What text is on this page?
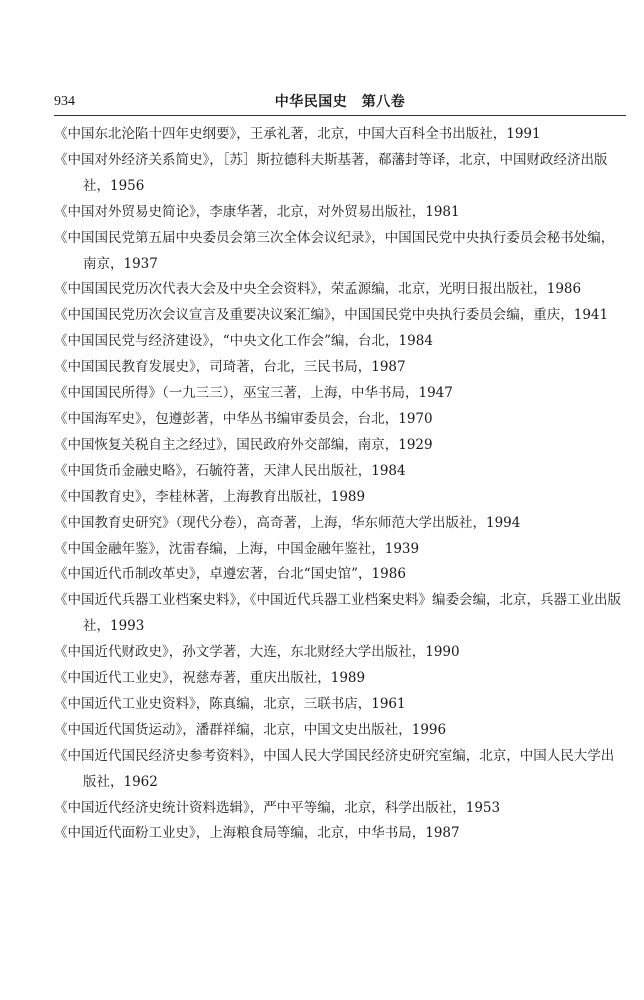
934	中华民国史　第八卷
《中国东北沦陷十四年史纲要》，王承礼著，北京，中国大百科全书出版社，1991
《中国对外经济关系简史》，［苏］斯拉德科夫斯基著，郗藩封等译，北京，中国财政经济出版社，1956
《中国对外贸易史简论》，李康华著，北京，对外贸易出版社，1981
《中国国民党第五届中央委员会第三次全体会议纪录》，中国国民党中央执行委员会秘书处编，南京，1937
《中国国民党历次代表大会及中央全会资料》，荣孟源编，北京，光明日报出版社，1986
《中国国民党历次会议宣言及重要决议案汇编》，中国国民党中央执行委员会编，重庆，1941
《中国国民党与经济建设》，“中央文化工作会”编，台北，1984
《中国国民教育发展史》，司琦著，台北，三民书局，1987
《中国国民所得》（一九三三），巫宝三著，上海，中华书局，1947
《中国海军史》，包遵彭著，中华丛书编审委员会，台北，1970
《中国恢复关税自主之经过》，国民政府外交部编，南京，1929
《中国货币金融史略》，石毓符著，天津人民出版社，1984
《中国教育史》，李桂林著，上海教育出版社，1989
《中国教育史研究》（现代分卷），高奇著，上海，华东师范大学出版社，1994
《中国金融年鉴》，沈雷春编，上海，中国金融年鉴社，1939
《中国近代币制改革史》，卓遵宏著，台北“国史馆”，1986
《中国近代兵器工业档案史料》，《中国近代兵器工业档案史料》编委会编，北京，兵器工业出版社，1993
《中国近代财政史》，孙文学著，大连，东北财经大学出版社，1990
《中国近代工业史》，祝慈寿著，重庆出版社，1989
《中国近代工业史资料》，陈真编，北京，三联书店，1961
《中国近代国货运动》，潘群祥编，北京，中国文史出版社，1996
《中国近代国民经济史参考资料》，中国人民大学国民经济史研究室编，北京，中国人民大学出版社，1962
《中国近代经济史统计资料选辑》，严中平等编，北京，科学出版社，1953
《中国近代面粉工业史》，上海粮食局等编，北京，中华书局，1987
